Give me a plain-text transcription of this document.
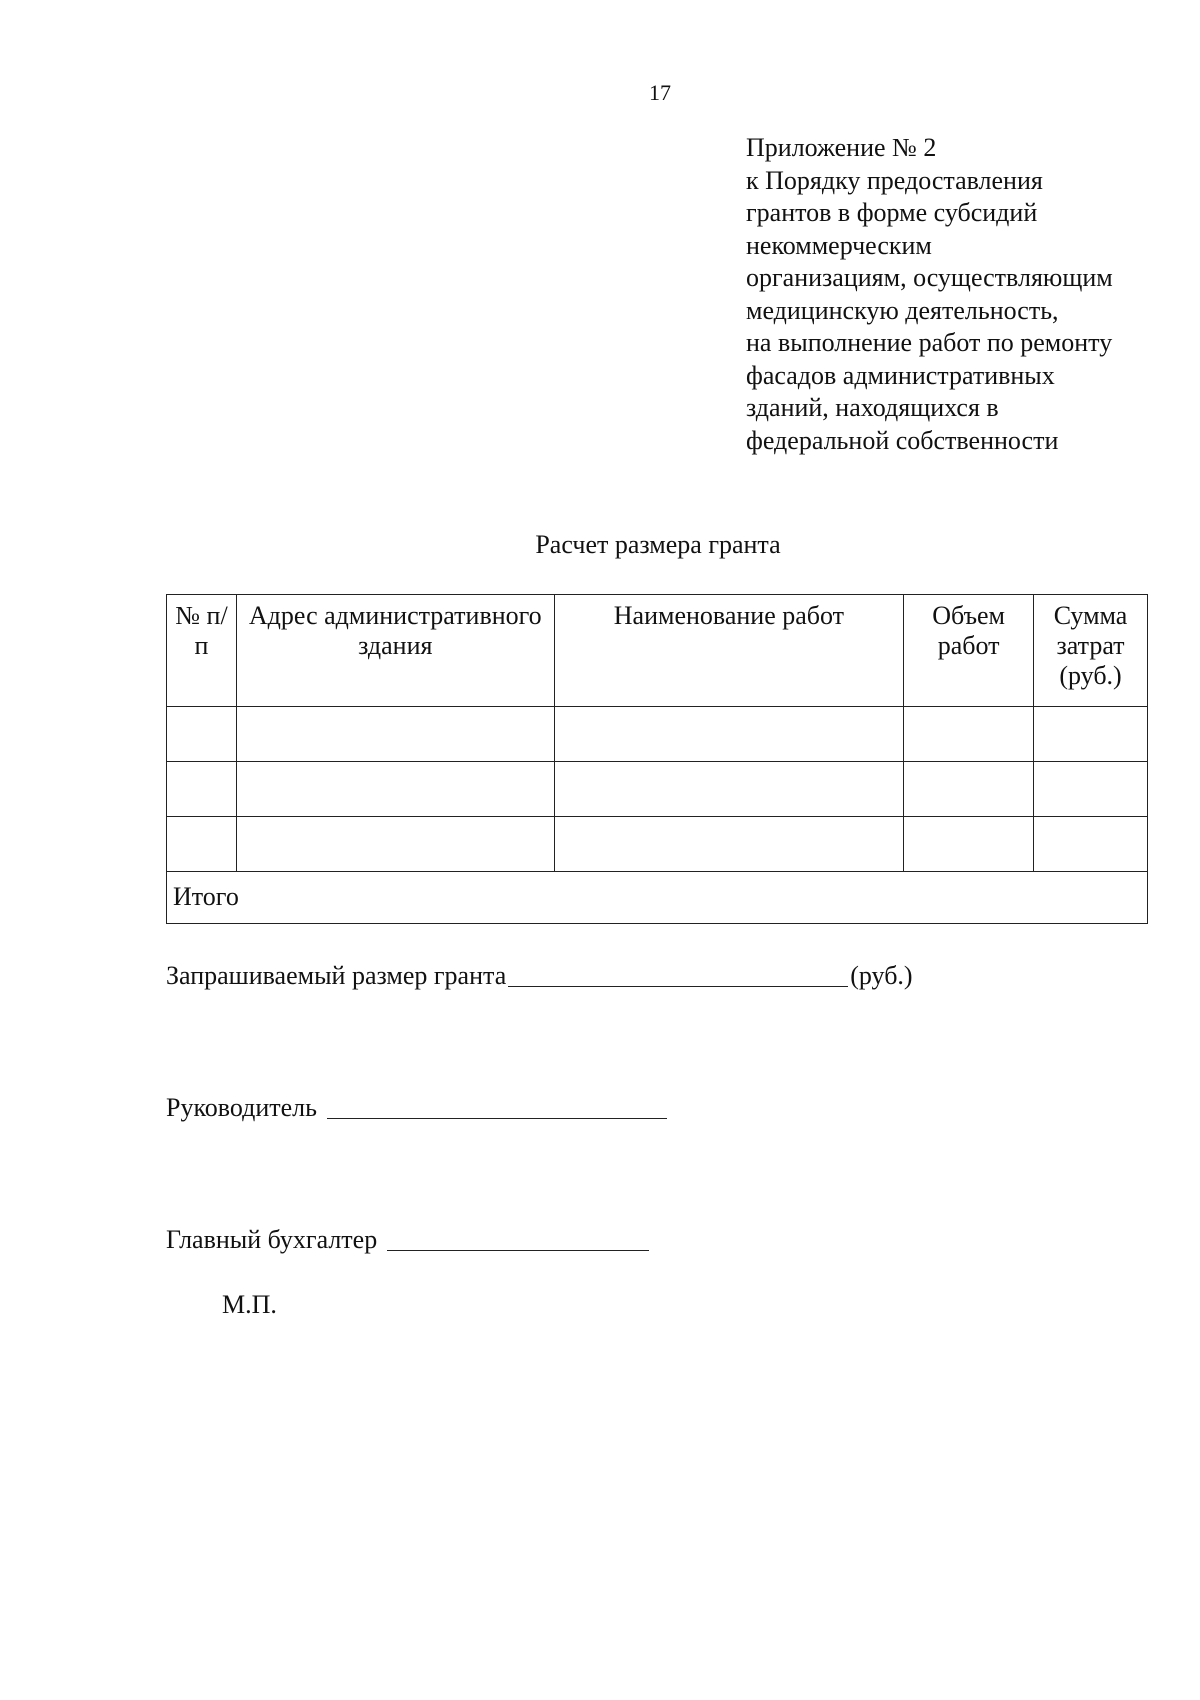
17
Приложение № 2
к Порядку предоставления
грантов в форме субсидий
некоммерческим
организациям, осуществляющим
медицинскую деятельность,
на выполнение работ по ремонту
фасадов административных
зданий, находящихся в
федеральной собственности
Расчет размера гранта
№ п/п	Адрес административного здания	Наименование работ	Объем работ	Сумма затрат (руб.)

Итого				
Запрашиваемый размер гранта	(руб.)
Руководитель
Главный бухгалтер
М.П.
